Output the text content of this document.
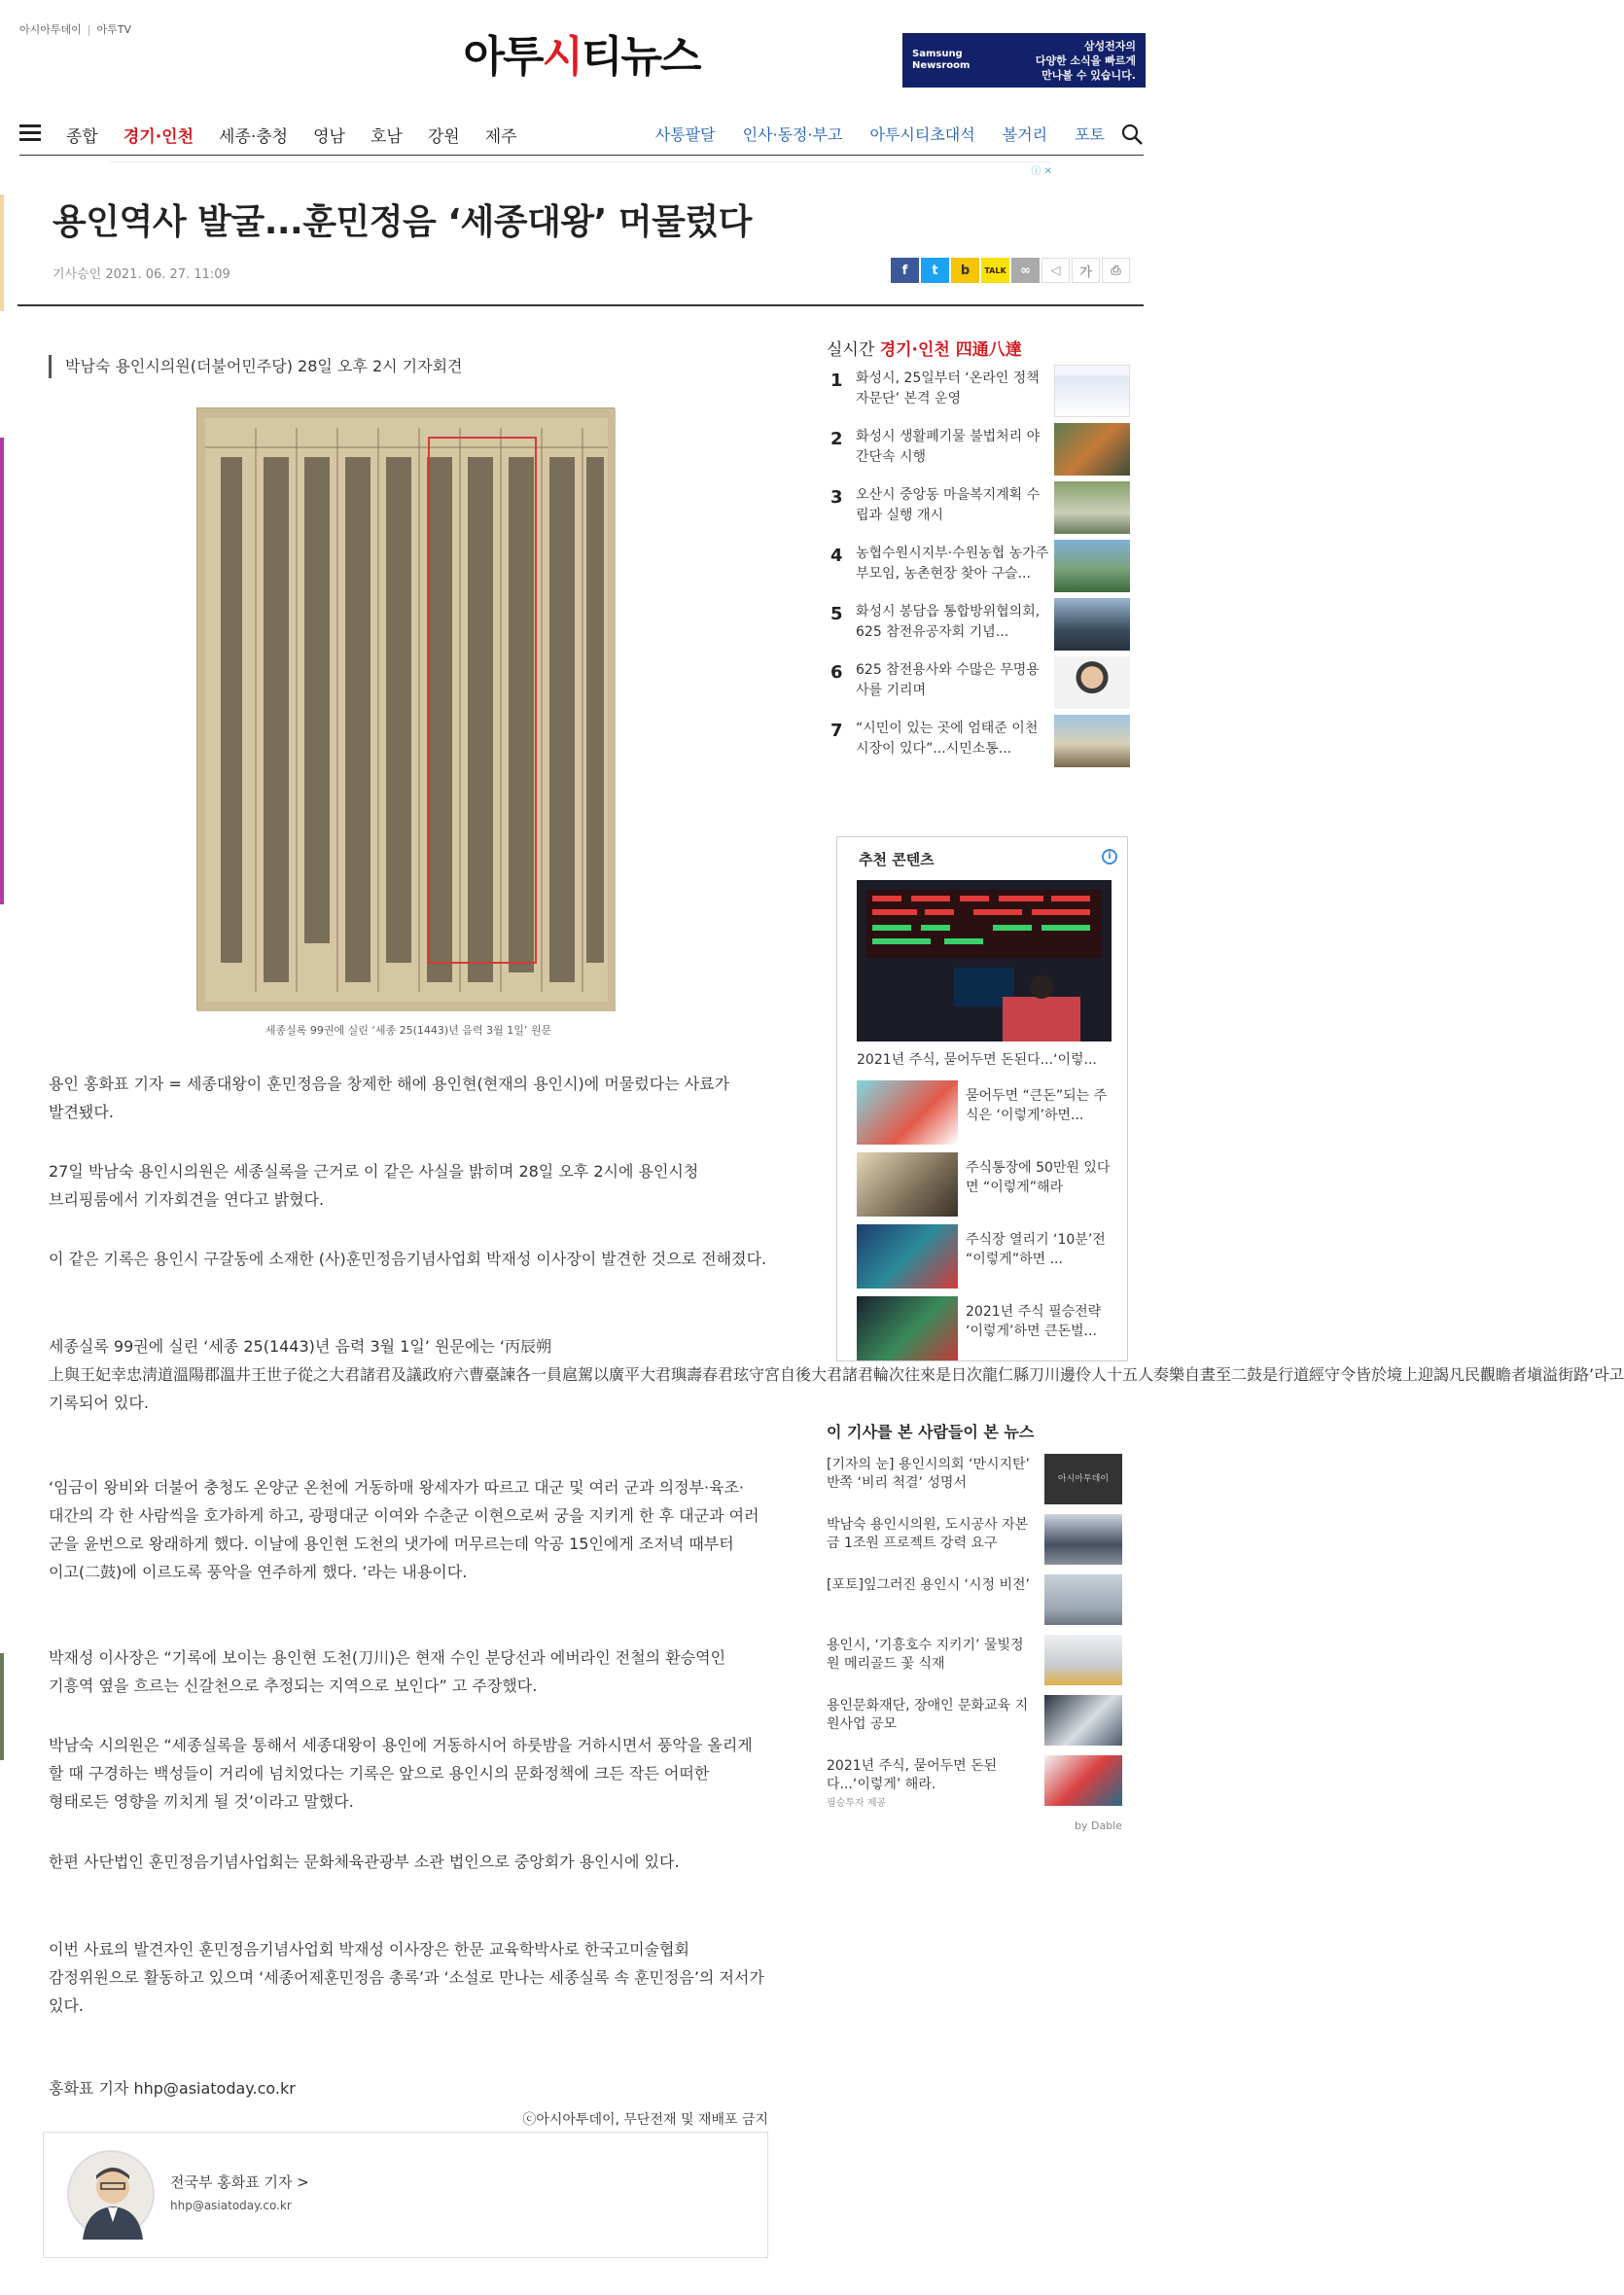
아시아투데이 | 아투TV
아투시티뉴스	Samsung Newsroom
삼성전자의
다양한 소식을 빠르게
만나볼 수 있습니다.
종합 경기·인천 세종·충청 영남 호남 강원 제주	사통팔달 인사·동정·부고 아투시티초대석 볼거리 포토
ⓘ ✕
용인역사 발굴...훈민정음 ‘세종대왕’ 머물렀다
기사승인 2021. 06. 27. 11:09	f	t	b	TALK	∞	◁	가	⎙
박남숙 용인시의원(더불어민주당) 28일 오후 2시 기자회견
세종실록 99권에 실린 ‘세종 25(1443)년 음력 3월 1일’ 원문

용인 홍화표 기자 = 세종대왕이 훈민정음을 창제한 해에 용인현(현재의 용인시)에 머물렀다는 사료가 발견됐다.

27일 박남숙 용인시의원은 세종실록을 근거로 이 같은 사실을 밝히며 28일 오후 2시에 용인시청 브리핑룸에서 기자회견을 연다고 밝혔다.

이 같은 기록은 용인시 구갈동에 소재한 (사)훈민정음기념사업회 박재성 이사장이 발견한 것으로 전해졌다.

세종실록 99권에 실린 ‘세종 25(1443)년 음력 3월 1일’ 원문에는 ‘丙辰朔 上與王妃幸忠淸道溫陽郡溫井王世子從之大君諸君及議政府六曹臺諫各一員扈駕以廣平大君璵壽春君玹守宮自後大君諸君輪次往來是日次龍仁縣刀川邊伶人十五人奏樂自晝至二鼓是行道經守令皆於境上迎謁凡民觀瞻者塡溢街路’라고 기록되어 있다.

‘임금이 왕비와 더불어 충청도 온양군 온천에 거동하매 왕세자가 따르고 대군 및 여러 군과 의정부·육조·대간의 각 한 사람씩을 호가하게 하고, 광평대군 이여와 수춘군 이현으로써 궁을 지키게 한 후 대군과 여러 군을 윤번으로 왕래하게 했다. 이날에 용인현 도천의 냇가에 머무르는데 악공 15인에게 조저녁 때부터 이고(二鼓)에 이르도록 풍악을 연주하게 했다. ’라는 내용이다.

박재성 이사장은 “기록에 보이는 용인현 도천(刀川)은 현재 수인 분당선과 에버라인 전철의 환승역인 기흥역 옆을 흐르는 신갈천으로 추정되는 지역으로 보인다” 고 주장했다.

박남숙 시의원은 “세종실록을 통해서 세종대왕이 용인에 거동하시어 하룻밤을 거하시면서 풍악을 올리게 할 때 구경하는 백성들이 거리에 넘치었다는 기록은 앞으로 용인시의 문화정책에 크든 작든 어떠한 형태로든 영향을 끼치게 될 것’이라고 말했다.

한편 사단법인 훈민정음기념사업회는 문화체육관광부 소관 법인으로 중앙회가 용인시에 있다.

이번 사료의 발견자인 훈민정음기념사업회 박재성 이사장은 한문 교육학박사로 한국고미술협회 감정위원으로 활동하고 있으며 ‘세종어제훈민정음 총록’과 ‘소설로 만나는 세종실록 속 훈민정음’의 저서가 있다.

홍화표 기자 hhp@asiatoday.co.kr
ⓒ아시아투데이, 무단전재 및 재배포 금지
전국부 홍화표 기자 >
hhp@asiatoday.co.kr
실시간 경기·인천 四通八達
1 화성시, 25일부터 ‘온라인 정책자문단’ 본격 운영
2 화성시 생활폐기물 불법처리 야간단속 시행
3 오산시 중앙동 마을복지계획 수립과 실행 개시
4 농협수원시지부·수원농협 농가주부모임, 농촌현장 찾아 구슬...
5 화성시 봉담읍 통합방위협의회, 625 참전유공자회 기념...
6 625 참전용사와 수많은 무명용사를 기리며
7 “시민이 있는 곳에 엄태준 이천시장이 있다”...시민소통...
추천 콘텐츠	i
2021년 주식, 묻어두면 돈된다...‘이렇...
묻어두면 “큰돈”되는 주식은 ‘이렇게’하면...
주식통장에 50만원 있다면 “이렇게”해라
주식장 열리기 ‘10분’전 “이렇게”하면 ...
2021년 주식 필승전략 ‘이렇게’하면 큰돈벌...
이 기사를 본 사람들이 본 뉴스
[기자의 눈] 용인시의회 ‘만시지탄’ 반쪽 ‘비리 척결’ 성명서	아시아투데이
박남숙 용인시의원, 도시공사 자본금 1조원 프로젝트 강력 요구
[포토]잎그러진 용인시 ‘시정 비전’
용인시, ‘기흥호수 지키기’ 물빛정원 메리골드 꽃 식재
용인문화재단, 장애인 문화교육 지원사업 공모
2021년 주식, 묻어두면 돈된다...‘이렇게’ 해라.
필승투자 제공
by Dable
